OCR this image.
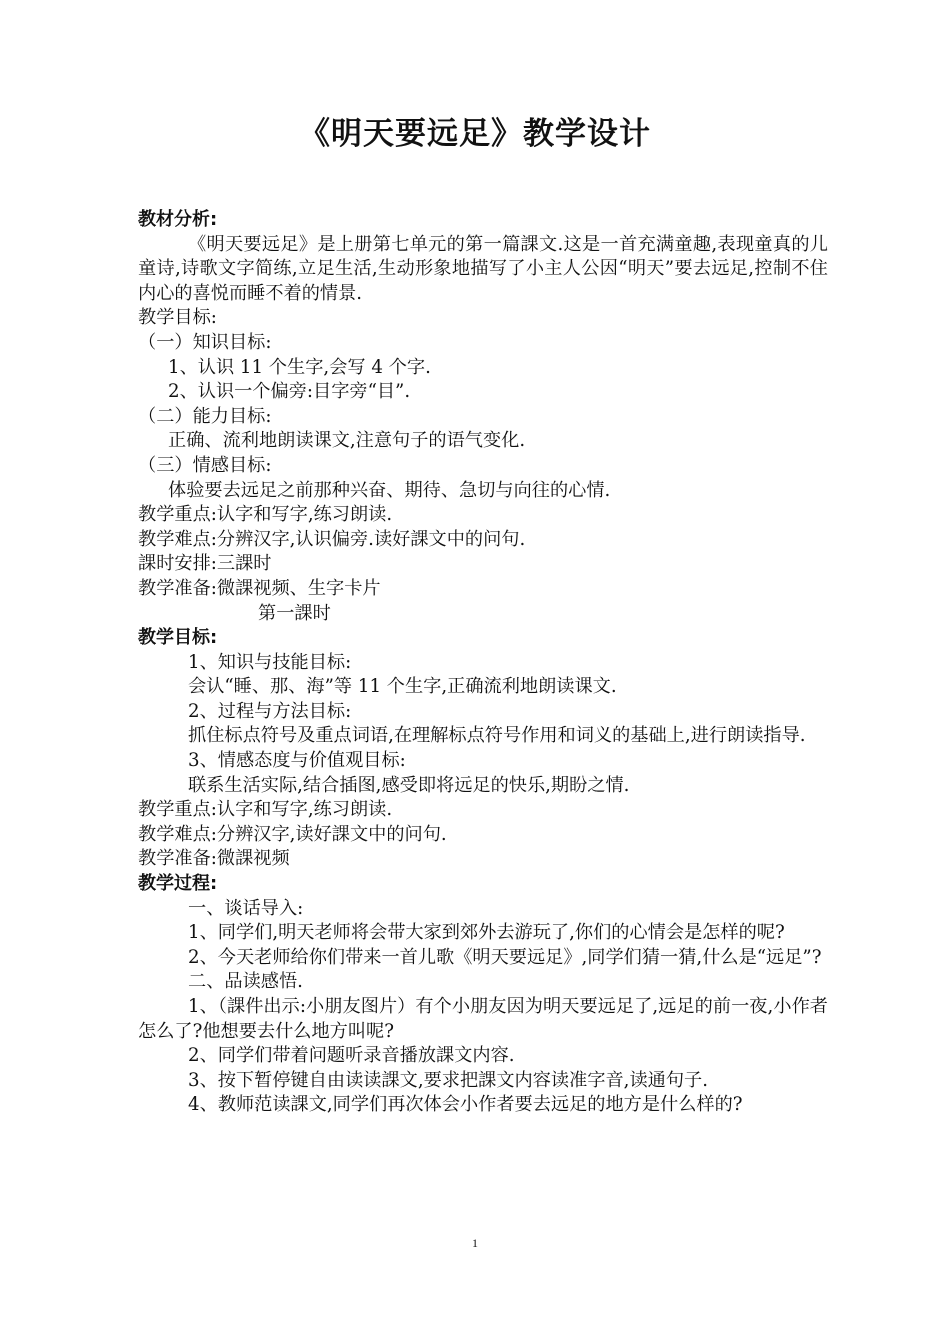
《明天要远足》教学设计

教材分析:

《明天要远足》是上册第七单元的第一篇課文.这是一首充满童趣,表现童真的儿童诗,诗歌文字简练,立足生活,生动形象地描写了小主人公因“明天”要去远足,控制不住内心的喜悦而睡不着的情景.

教学目标:

（一）知识目标:

1、认识 11 个生字,会写 4 个字.

2、认识一个偏旁:目字旁“目”.

（二）能力目标:

正确、流利地朗读课文,注意句子的语气变化.

（三）情感目标:

体验要去远足之前那种兴奋、期待、急切与向往的心情.

教学重点:认字和写字,练习朗读.

教学难点:分辨汉字,认识偏旁.读好課文中的问句.

課时安排:三課时

教学准备:微課视频、生字卡片

第一課时

教学目标:

1、知识与技能目标:

会认“睡、那、海”等 11 个生字,正确流利地朗读课文.

2、过程与方法目标:

抓住标点符号及重点词语,在理解标点符号作用和词义的基础上,进行朗读指导.

3、情感态度与价值观目标:

联系生活实际,结合插图,感受即将远足的快乐,期盼之情.

教学重点:认字和写字,练习朗读.

教学难点:分辨汉字,读好課文中的问句.

教学准备:微課视频

教学过程:

一、谈话导入:

1、同学们,明天老师将会带大家到郊外去游玩了,你们的心情会是怎样的呢?

2、今天老师给你们带来一首儿歌《明天要远足》,同学们猜一猜,什么是“远足”?

二、品读感悟.

1、（課件出示:小朋友图片）有个小朋友因为明天要远足了,远足的前一夜,小作者怎么了?他想要去什么地方叫呢?

2、同学们带着问题听录音播放課文内容.

3、按下暂停键自由读读課文,要求把課文内容读准字音,读通句子.

4、教师范读課文,同学们再次体会小作者要去远足的地方是什么样的?

1
